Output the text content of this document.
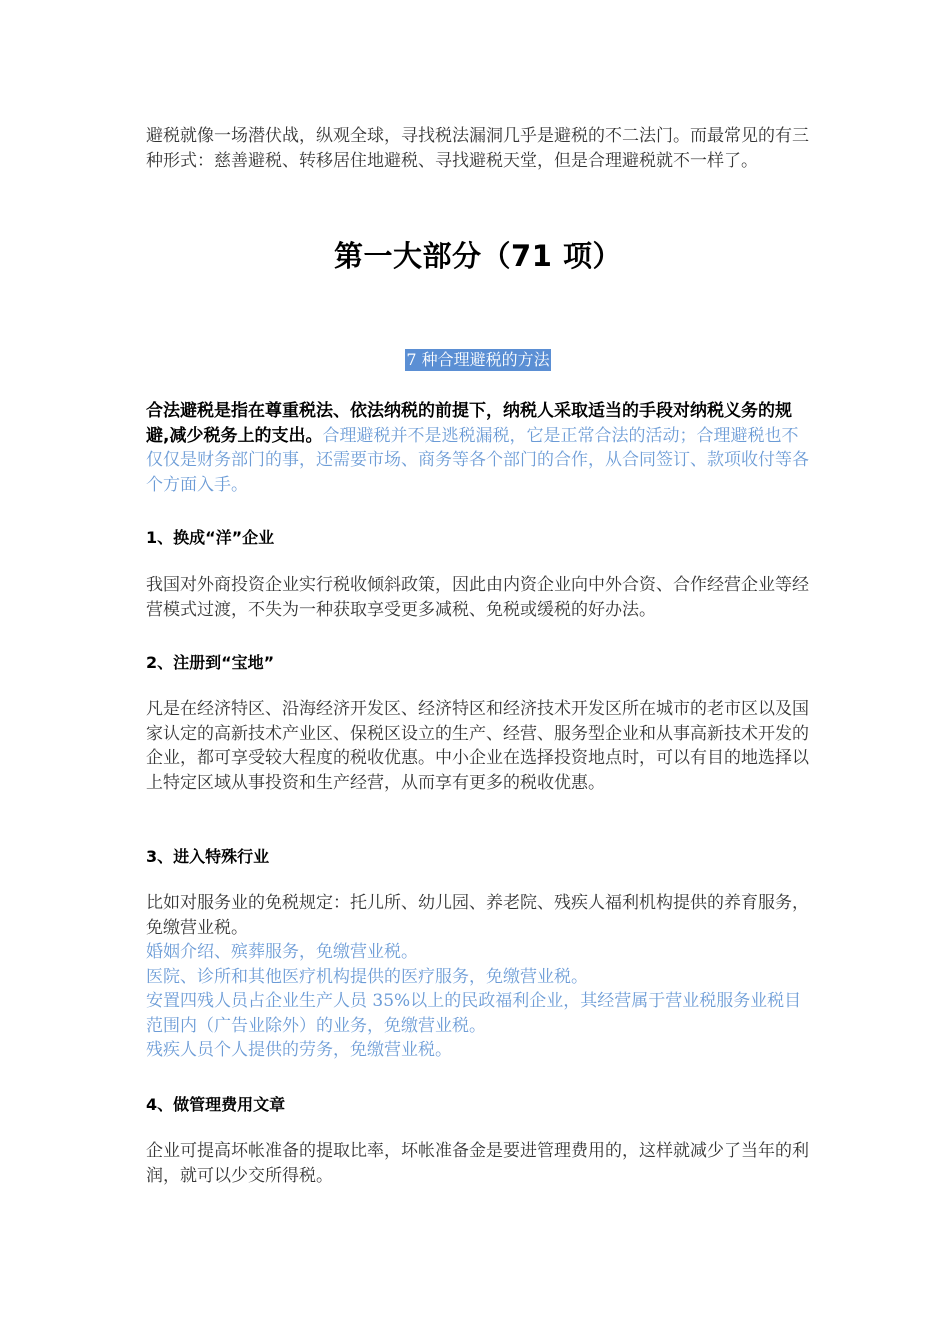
避税就像一场潜伏战，纵观全球，寻找税法漏洞几乎是避税的不二法门。而最常见的有三种形式：慈善避税、转移居住地避税、寻找避税天堂，但是合理避税就不一样了。

第一大部分（71 项）
7 种合理避税的方法

合法避税是指在尊重税法、依法纳税的前提下，纳税人采取适当的手段对纳税义务的规避,减少税务上的支出。合理避税并不是逃税漏税，它是正常合法的活动；合理避税也不仅仅是财务部门的事，还需要市场、商务等各个部门的合作，从合同签订、款项收付等各个方面入手。

1、换成“洋”企业

我国对外商投资企业实行税收倾斜政策，因此由内资企业向中外合资、合作经营企业等经营模式过渡，不失为一种获取享受更多减税、免税或缓税的好办法。

2、注册到“宝地”

凡是在经济特区、沿海经济开发区、经济特区和经济技术开发区所在城市的老市区以及国家认定的高新技术产业区、保税区设立的生产、经营、服务型企业和从事高新技术开发的企业，都可享受较大程度的税收优惠。中小企业在选择投资地点时，可以有目的地选择以上特定区域从事投资和生产经营，从而享有更多的税收优惠。

3、进入特殊行业

比如对服务业的免税规定：托儿所、幼儿园、养老院、残疾人福利机构提供的养育服务，免缴营业税。

婚姻介绍、殡葬服务，免缴营业税。

医院、诊所和其他医疗机构提供的医疗服务，免缴营业税。

安置四残人员占企业生产人员 35%以上的民政福利企业，其经营属于营业税服务业税目范围内（广告业除外）的业务，免缴营业税。

残疾人员个人提供的劳务，免缴营业税。

4、做管理费用文章

企业可提高坏帐准备的提取比率，坏帐准备金是要进管理费用的，这样就减少了当年的利润，就可以少交所得税。
